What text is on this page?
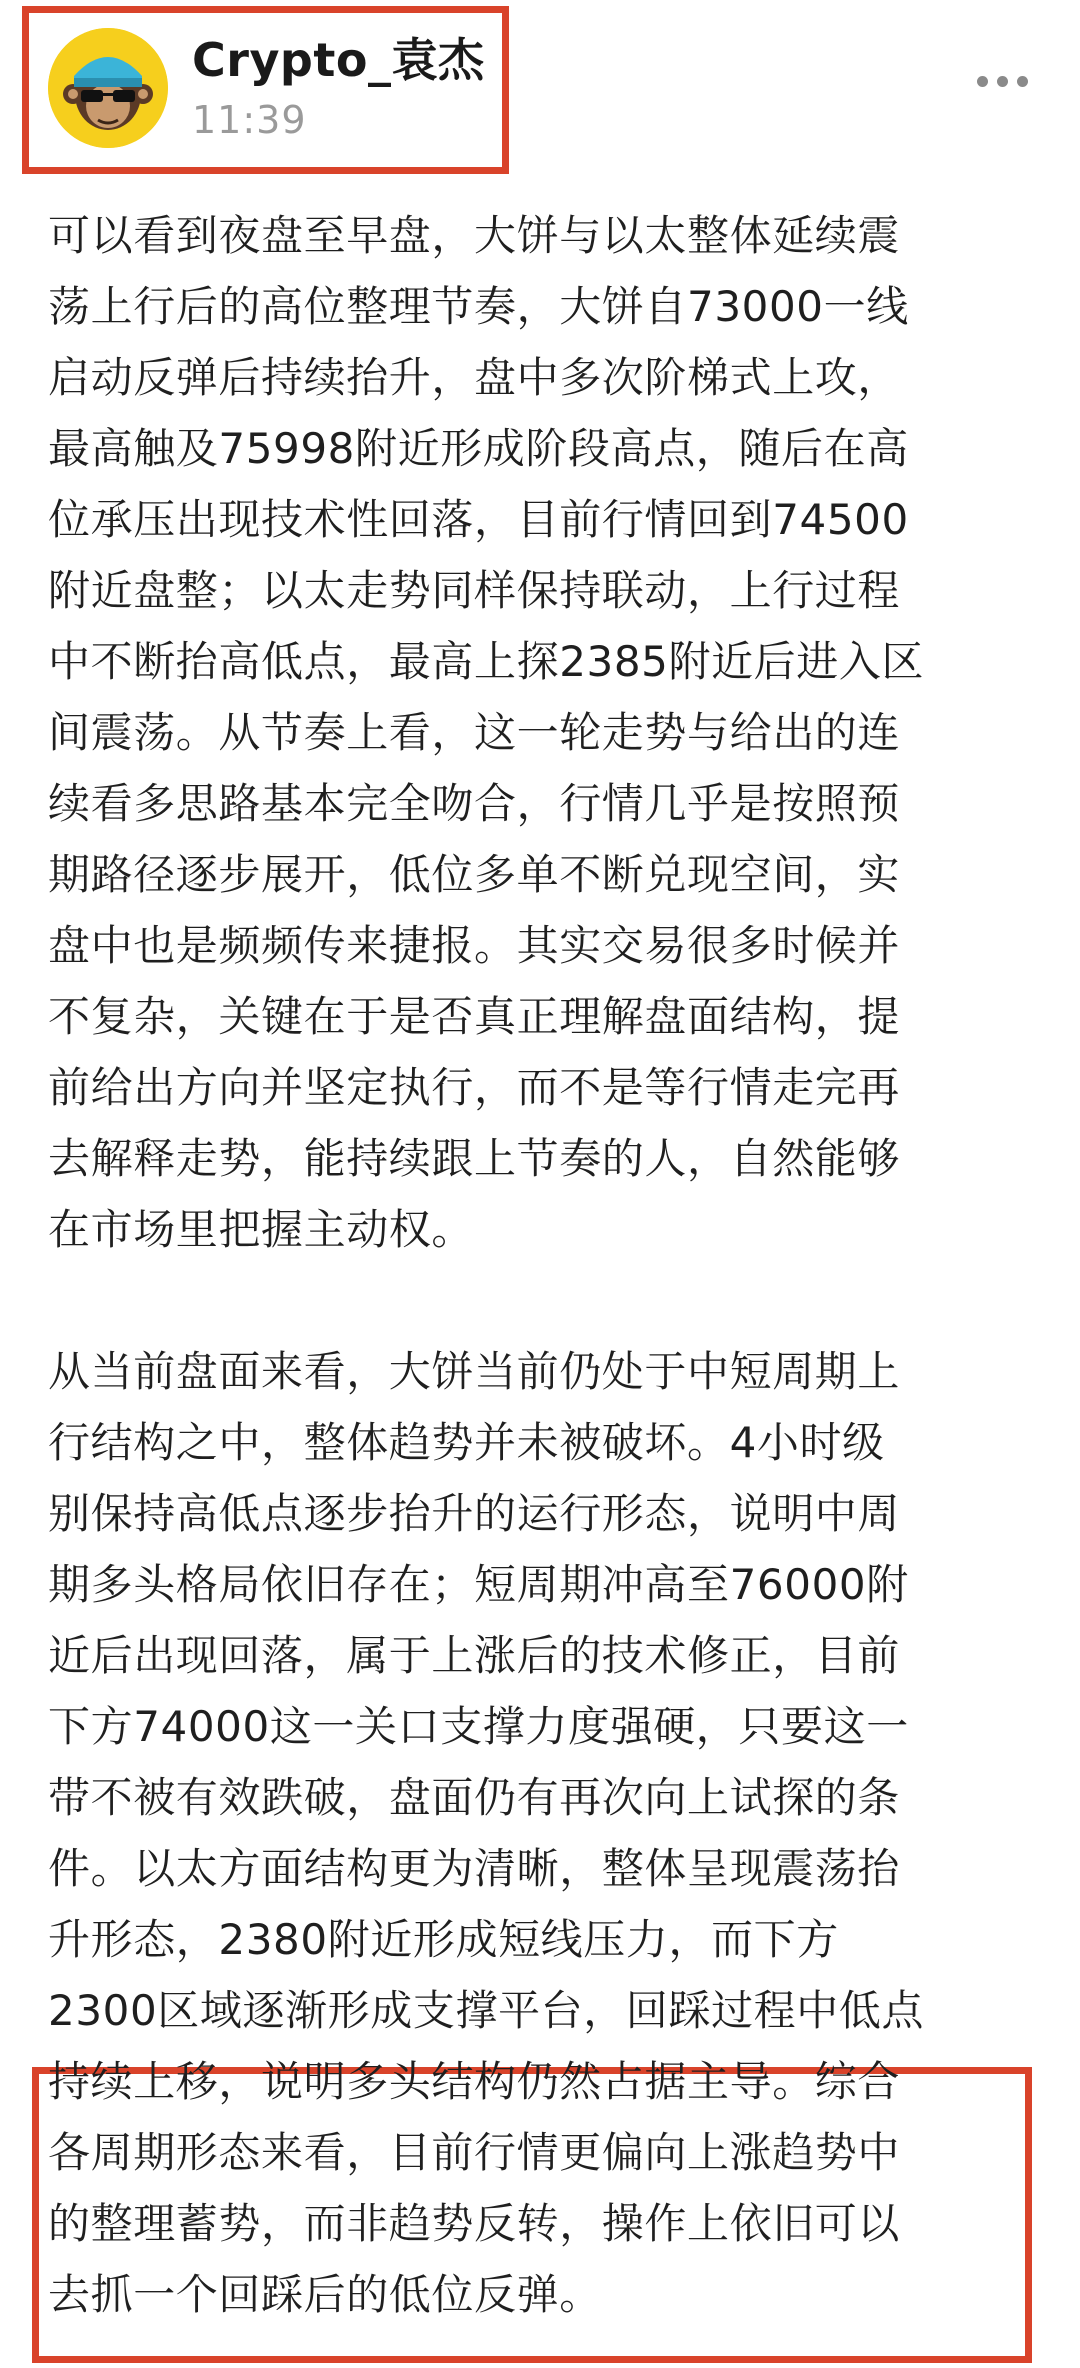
Crypto_袁杰
11:39

可以看到夜盘至早盘，大饼与以太整体延续震
荡上行后的高位整理节奏，大饼自73000一线
启动反弹后持续抬升，盘中多次阶梯式上攻，
最高触及75998附近形成阶段高点，随后在高
位承压出现技术性回落，目前行情回到74500
附近盘整；以太走势同样保持联动，上行过程
中不断抬高低点，最高上探2385附近后进入区
间震荡。从节奏上看，这一轮走势与给出的连
续看多思路基本完全吻合，行情几乎是按照预
期路径逐步展开，低位多单不断兑现空间，实
盘中也是频频传来捷报。其实交易很多时候并
不复杂，关键在于是否真正理解盘面结构，提
前给出方向并坚定执行，而不是等行情走完再
去解释走势，能持续跟上节奏的人，自然能够
在市场里把握主动权。

从当前盘面来看，大饼当前仍处于中短周期上
行结构之中，整体趋势并未被破坏。4小时级
别保持高低点逐步抬升的运行形态，说明中周
期多头格局依旧存在；短周期冲高至76000附
近后出现回落，属于上涨后的技术修正，目前
下方74000这一关口支撑力度强硬，只要这一
带不被有效跌破，盘面仍有再次向上试探的条
件。以太方面结构更为清晰，整体呈现震荡抬
升形态，2380附近形成短线压力，而下方
2300区域逐渐形成支撑平台，回踩过程中低点
持续上移，说明多头结构仍然占据主导。综合
各周期形态来看，目前行情更偏向上涨趋势中
的整理蓄势，而非趋势反转，操作上依旧可以
去抓一个回踩后的低位反弹。
